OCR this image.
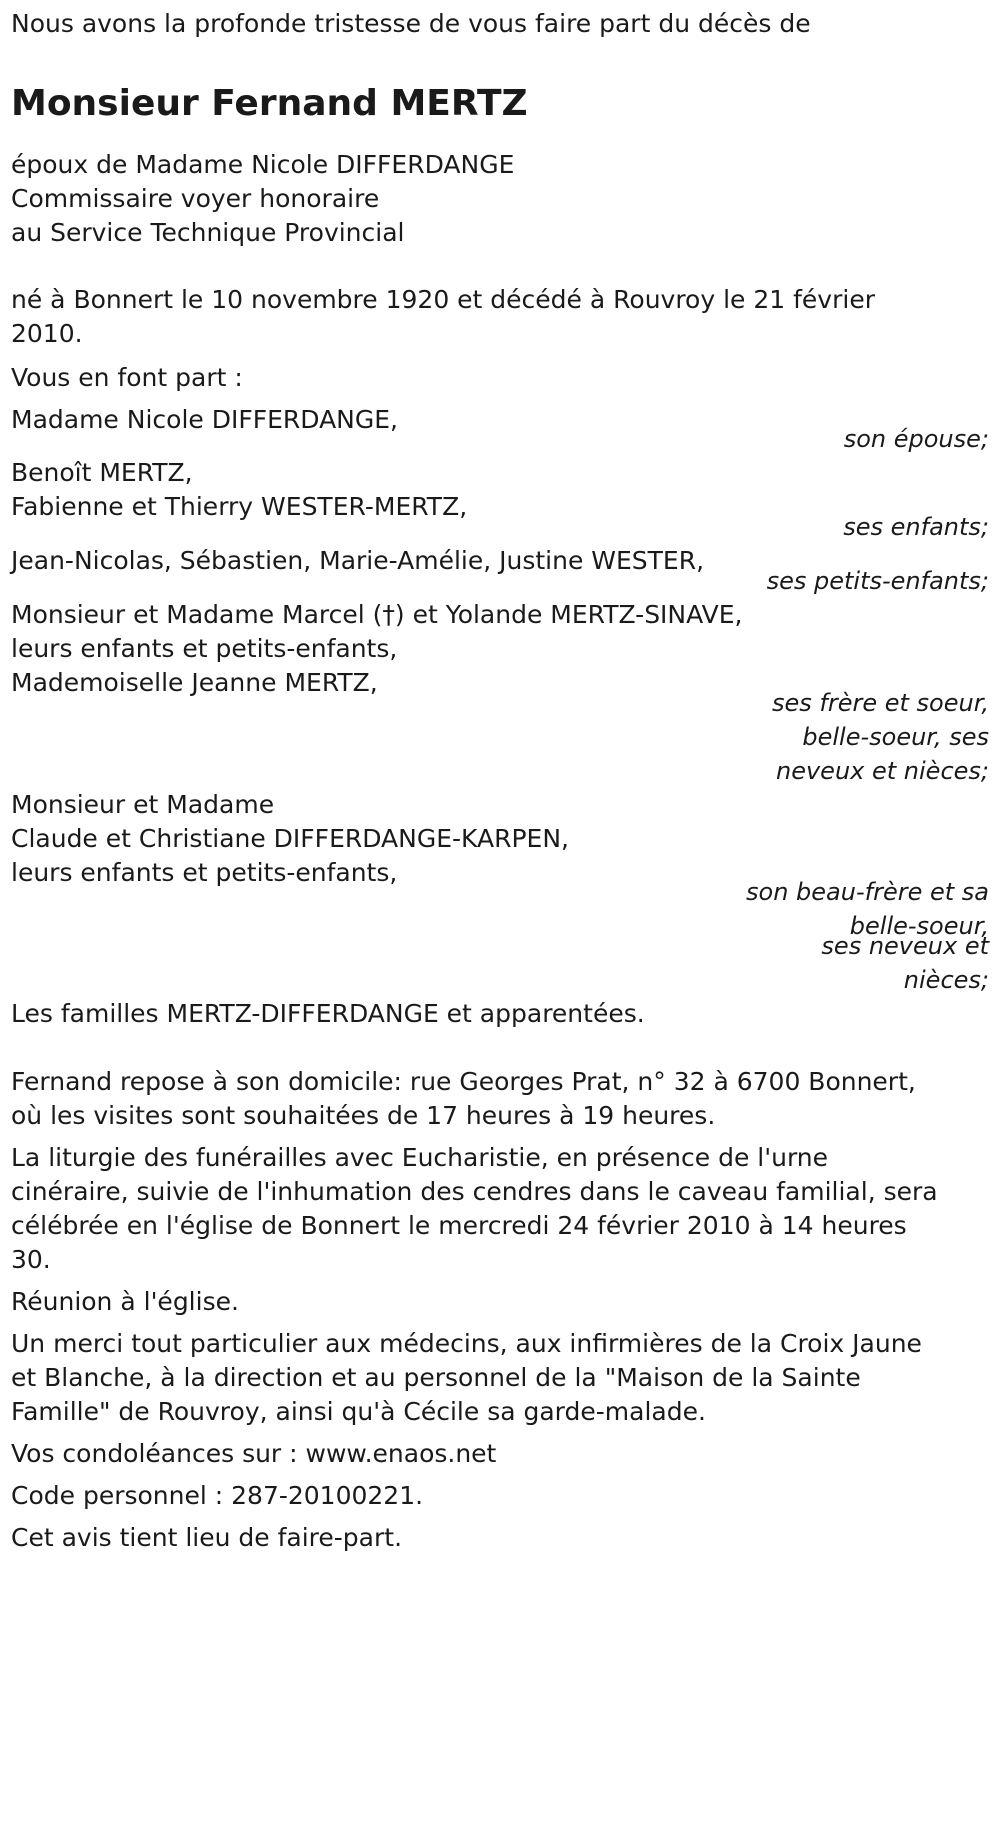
Nous avons la profonde tristesse de vous faire part du décès de

Monsieur Fernand MERTZ

époux de Madame Nicole DIFFERDANGE

Commissaire voyer honoraire

au Service Technique Provincial

né à Bonnert le 10 novembre 1920 et décédé à Rouvroy le 21 février

2010.

Vous en font part :

Madame Nicole DIFFERDANGE,

son épouse;

Benoît MERTZ,

Fabienne et Thierry WESTER-MERTZ,

ses enfants;

Jean-Nicolas, Sébastien, Marie-Amélie, Justine WESTER,

ses petits-enfants;

Monsieur et Madame Marcel (†) et Yolande MERTZ-SINAVE,

leurs enfants et petits-enfants,

Mademoiselle Jeanne MERTZ,

ses frère et soeur,
belle-soeur, ses
neveux et nièces;

Monsieur et Madame

Claude et Christiane DIFFERDANGE-KARPEN,

leurs enfants et petits-enfants,

son beau-frère et sa
belle-soeur,
ses neveux et
nièces;

Les familles MERTZ-DIFFERDANGE et apparentées.

Fernand repose à son domicile: rue Georges Prat, n° 32 à 6700 Bonnert,

où les visites sont souhaitées de 17 heures à 19 heures.

La liturgie des funérailles avec Eucharistie, en présence de l'urne

cinéraire, suivie de l'inhumation des cendres dans le caveau familial, sera

célébrée en l'église de Bonnert le mercredi 24 février 2010 à 14 heures

30.

Réunion à l'église.

Un merci tout particulier aux médecins, aux infirmières de la Croix Jaune

et Blanche, à la direction et au personnel de la "Maison de la Sainte

Famille" de Rouvroy, ainsi qu'à Cécile sa garde-malade.

Vos condoléances sur : www.enaos.net

Code personnel : 287-20100221.

Cet avis tient lieu de faire-part.
